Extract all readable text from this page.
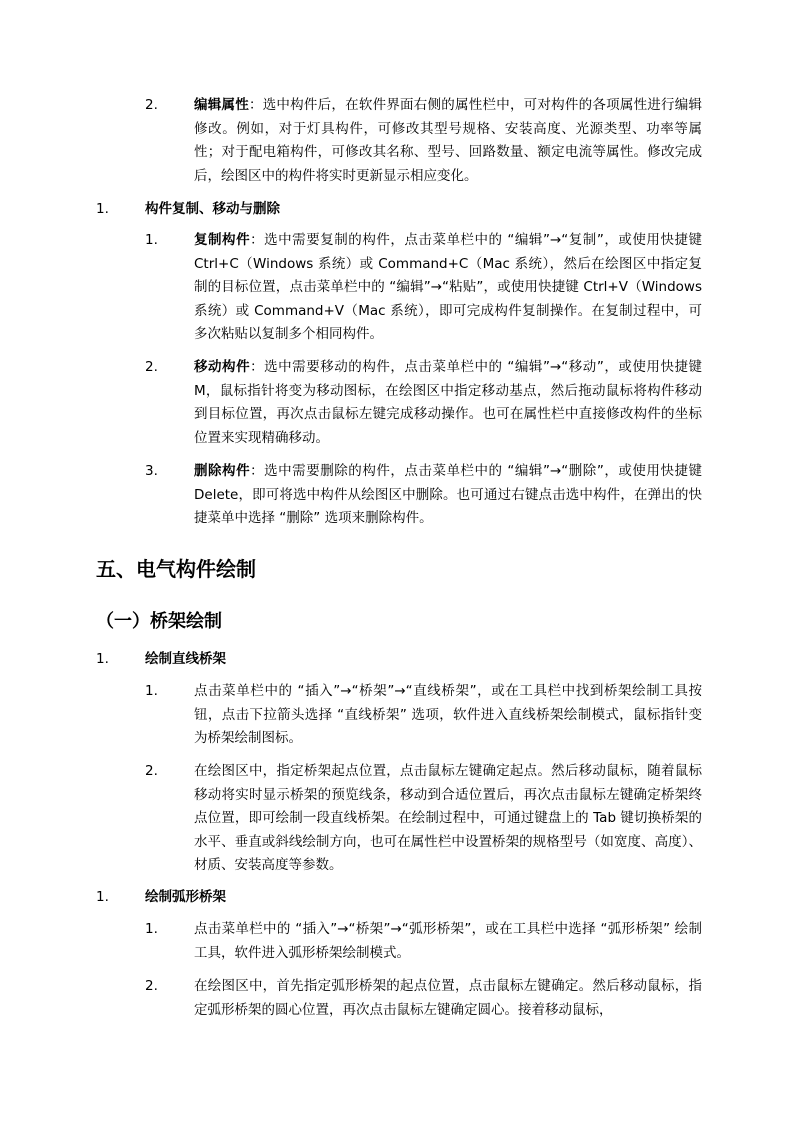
2.	编辑属性：选中构件后，在软件界面右侧的属性栏中，可对构件的各项属性进行编辑修改。例如，对于灯具构件，可修改其型号规格、安装高度、光源类型、功率等属性；对于配电箱构件，可修改其名称、型号、回路数量、额定电流等属性。修改完成后，绘图区中的构件将实时更新显示相应变化。
1.	构件复制、移动与删除
1.	复制构件：选中需要复制的构件，点击菜单栏中的 “编辑”→“复制”，或使用快捷键 Ctrl+C（Windows 系统）或 Command+C（Mac 系统），然后在绘图区中指定复制的目标位置，点击菜单栏中的 “编辑”→“粘贴”，或使用快捷键 Ctrl+V（Windows 系统）或 Command+V（Mac 系统），即可完成构件复制操作。在复制过程中，可多次粘贴以复制多个相同构件。
2.	移动构件：选中需要移动的构件，点击菜单栏中的 “编辑”→“移动”，或使用快捷键 M，鼠标指针将变为移动图标，在绘图区中指定移动基点，然后拖动鼠标将构件移动到目标位置，再次点击鼠标左键完成移动操作。也可在属性栏中直接修改构件的坐标位置来实现精确移动。
3.	删除构件：选中需要删除的构件，点击菜单栏中的 “编辑”→“删除”，或使用快捷键 Delete，即可将选中构件从绘图区中删除。也可通过右键点击选中构件，在弹出的快捷菜单中选择 “删除” 选项来删除构件。
五、电气构件绘制
（一）桥架绘制
1.	绘制直线桥架
1.	点击菜单栏中的 “插入”→“桥架”→“直线桥架”，或在工具栏中找到桥架绘制工具按钮，点击下拉箭头选择 “直线桥架” 选项，软件进入直线桥架绘制模式，鼠标指针变为桥架绘制图标。
2.	在绘图区中，指定桥架起点位置，点击鼠标左键确定起点。然后移动鼠标，随着鼠标移动将实时显示桥架的预览线条，移动到合适位置后，再次点击鼠标左键确定桥架终点位置，即可绘制一段直线桥架。在绘制过程中，可通过键盘上的 Tab 键切换桥架的水平、垂直或斜线绘制方向，也可在属性栏中设置桥架的规格型号（如宽度、高度）、材质、安装高度等参数。
1.	绘制弧形桥架
1.	点击菜单栏中的 “插入”→“桥架”→“弧形桥架”，或在工具栏中选择 “弧形桥架” 绘制工具，软件进入弧形桥架绘制模式。
2.	在绘图区中，首先指定弧形桥架的起点位置，点击鼠标左键确定。然后移动鼠标，指定弧形桥架的圆心位置，再次点击鼠标左键确定圆心。接着移动鼠标，
